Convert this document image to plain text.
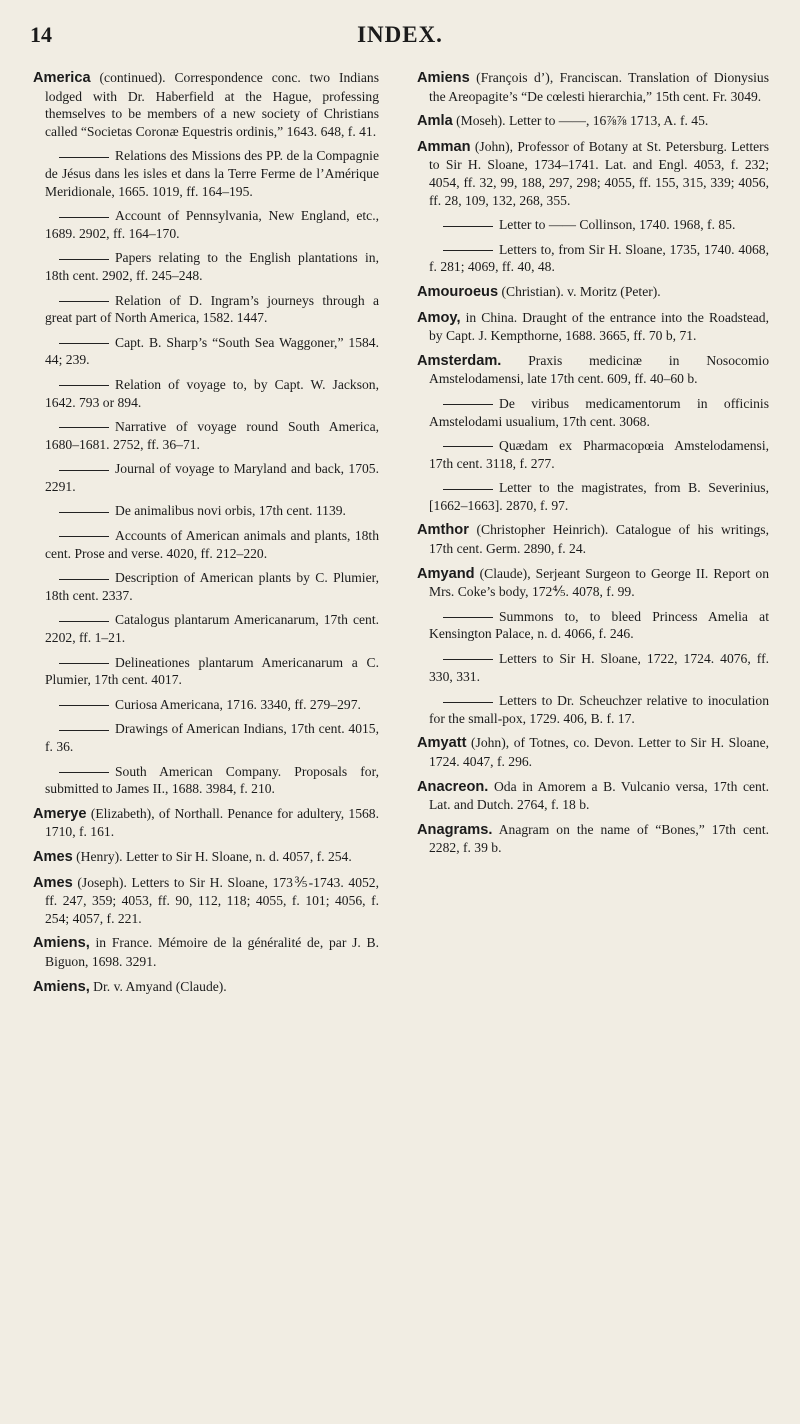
14	INDEX.

America (continued). Correspondence conc. two Indians lodged with Dr. Haberfield at the Hague, professing themselves to be members of a new society of Christians called “Societas Coronæ Equestris ordinis,” 1643. 648, f. 41.

Relations des Missions des PP. de la Compagnie de Jésus dans les isles et dans la Terre Ferme de l’Amérique Meridionale, 1665. 1019, ff. 164–195.

Account of Pennsylvania, New England, etc., 1689. 2902, ff. 164–170.

Papers relating to the English plantations in, 18th cent. 2902, ff. 245–248.

Relation of D. Ingram’s journeys through a great part of North America, 1582. 1447.

Capt. B. Sharp’s “South Sea Waggoner,” 1584. 44; 239.

Relation of voyage to, by Capt. W. Jackson, 1642. 793 or 894.

Narrative of voyage round South America, 1680–1681. 2752, ff. 36–71.

Journal of voyage to Maryland and back, 1705. 2291.

De animalibus novi orbis, 17th cent. 1139.

Accounts of American animals and plants, 18th cent. Prose and verse. 4020, ff. 212–220.

Description of American plants by C. Plumier, 18th cent. 2337.

Catalogus plantarum Americanarum, 17th cent. 2202, ff. 1–21.

Delineationes plantarum Americanarum a C. Plumier, 17th cent. 4017.

Curiosa Americana, 1716. 3340, ff. 279–297.

Drawings of American Indians, 17th cent. 4015, f. 36.

South American Company. Proposals for, submitted to James II., 1688. 3984, f. 210.

Amerye (Elizabeth), of Northall. Penance for adultery, 1568. 1710, f. 161.

Ames (Henry). Letter to Sir H. Sloane, n. d. 4057, f. 254.

Ames (Joseph). Letters to Sir H. Sloane, 173⅗-1743. 4052, ff. 247, 359; 4053, ff. 90, 112, 118; 4055, f. 101; 4056, f. 254; 4057, f. 221.

Amiens, in France. Mémoire de la généralité de, par J. B. Biguon, 1698. 3291.

Amiens, Dr. v. Amyand (Claude).

Amiens (François d’), Franciscan. Translation of Dionysius the Areopagite’s “De cœlesti hierarchia,” 15th cent. Fr. 3049.

Amla (Moseh). Letter to ——, 16⅞⅞ 1713, A. f. 45.

Amman (John), Professor of Botany at St. Petersburg. Letters to Sir H. Sloane, 1734–1741. Lat. and Engl. 4053, f. 232; 4054, ff. 32, 99, 188, 297, 298; 4055, ff. 155, 315, 339; 4056, ff. 28, 109, 132, 268, 355.

Letter to —— Collinson, 1740. 1968, f. 85.

Letters to, from Sir H. Sloane, 1735, 1740. 4068, f. 281; 4069, ff. 40, 48.

Amouroeus (Christian). v. Moritz (Peter).

Amoy, in China. Draught of the entrance into the Roadstead, by Capt. J. Kempthorne, 1688. 3665, ff. 70 b, 71.

Amsterdam. Praxis medicinæ in Nosocomio Amstelodamensi, late 17th cent. 609, ff. 40–60 b.

De viribus medicamentorum in officinis Amstelodami usualium, 17th cent. 3068.

Quædam ex Pharmacopœia Amstelodamensi, 17th cent. 3118, f. 277.

Letter to the magistrates, from B. Severinius, [1662–1663]. 2870, f. 97.

Amthor (Christopher Heinrich). Catalogue of his writings, 17th cent. Germ. 2890, f. 24.

Amyand (Claude), Serjeant Surgeon to George II. Report on Mrs. Coke’s body, 172⅘. 4078, f. 99.

Summons to, to bleed Princess Amelia at Kensington Palace, n. d. 4066, f. 246.

Letters to Sir H. Sloane, 1722, 1724. 4076, ff. 330, 331.

Letters to Dr. Scheuchzer relative to inoculation for the small-pox, 1729. 406, B. f. 17.

Amyatt (John), of Totnes, co. Devon. Letter to Sir H. Sloane, 1724. 4047, f. 296.

Anacreon. Oda in Amorem a B. Vulcanio versa, 17th cent. Lat. and Dutch. 2764, f. 18 b.

Anagrams. Anagram on the name of “Bones,” 17th cent. 2282, f. 39 b.
